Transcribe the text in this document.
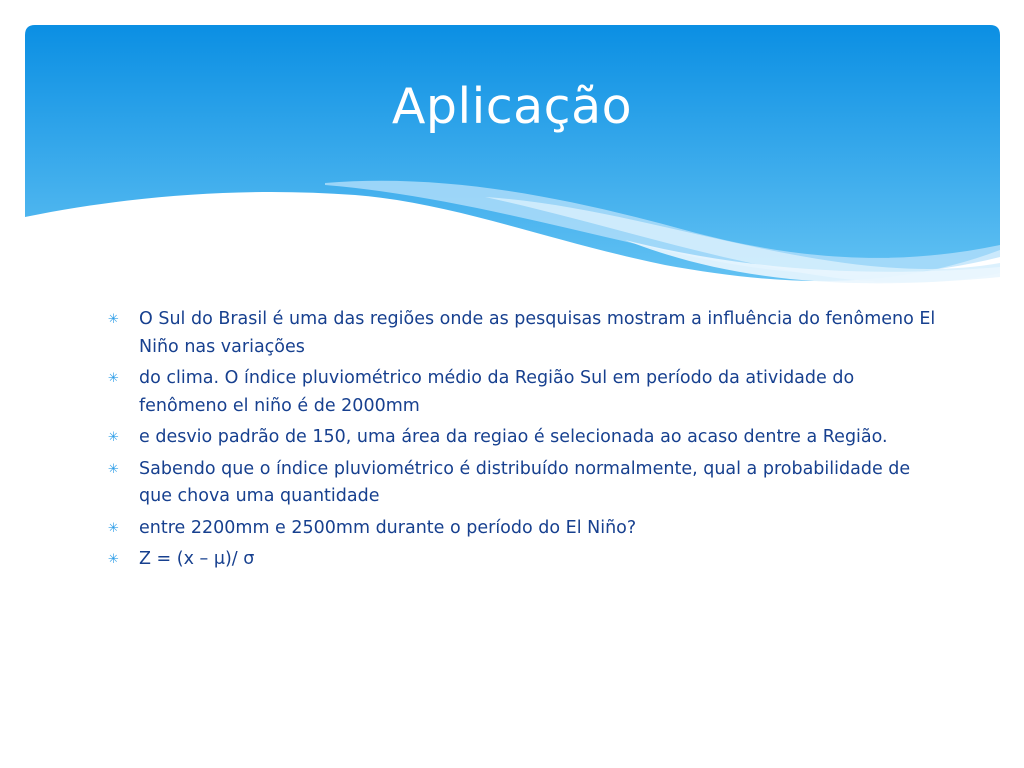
Aplicação
✳ O Sul do Brasil é uma das regiões onde as pesquisas mostram a influência do fenômeno El Niño nas variações
✳ do clima. O índice pluviométrico médio da Região Sul em período da atividade do fenômeno el niño é de 2000mm
✳ e desvio padrão de 150, uma área da regiao é selecionada ao acaso dentre a Região.
✳ Sabendo que o índice pluviométrico é distribuído normalmente, qual a probabilidade de que chova uma quantidade
✳ entre 2200mm e 2500mm durante o período do El Niño?
✳ Z = (x – μ)/ σ
